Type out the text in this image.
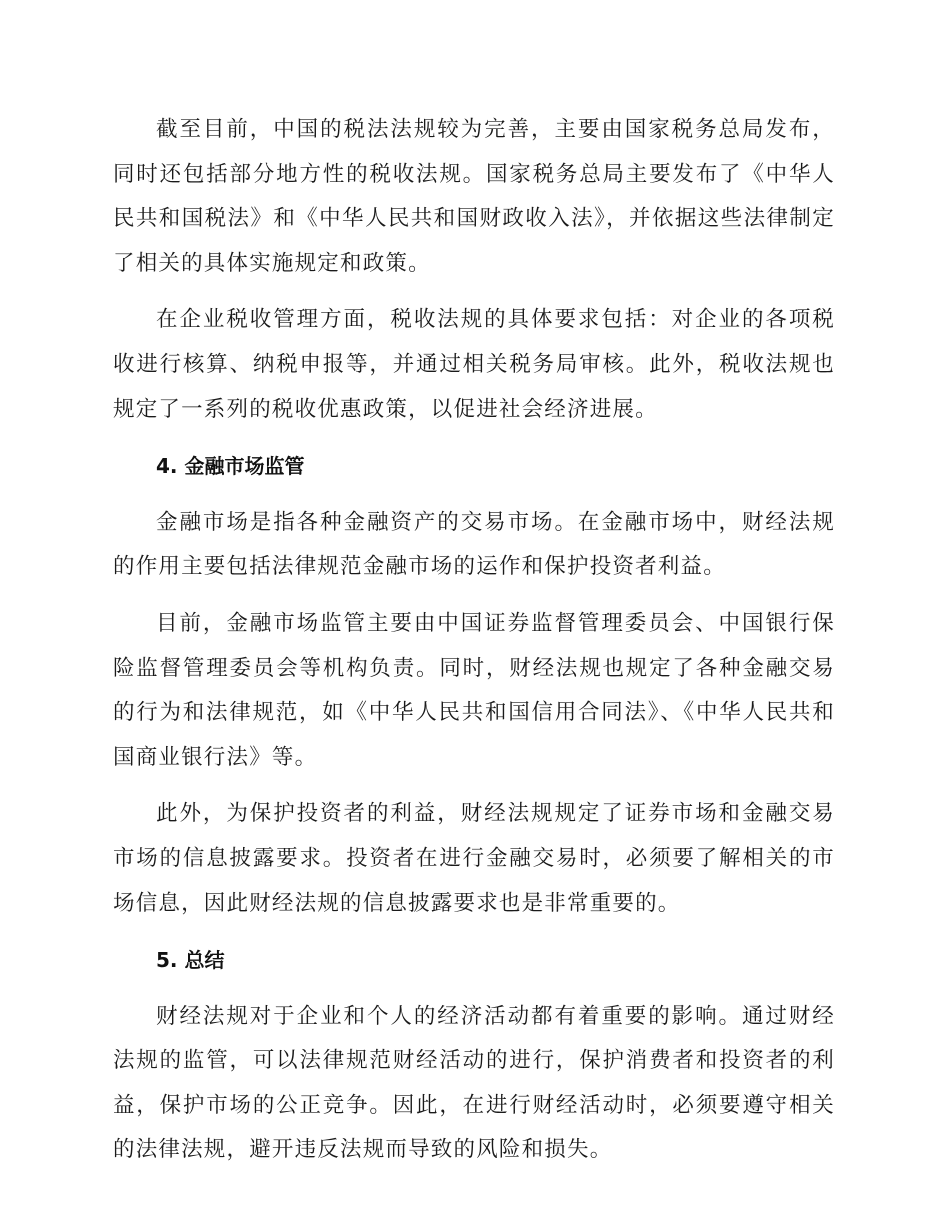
截至目前，中国的税法法规较为完善，主要由国家税务总局发布，同时还包括部分地方性的税收法规。国家税务总局主要发布了《中华人民共和国税法》和《中华人民共和国财政收入法》，并依据这些法律制定了相关的具体实施规定和政策。

在企业税收管理方面，税收法规的具体要求包括：对企业的各项税收进行核算、纳税申报等，并通过相关税务局审核。此外，税收法规也规定了一系列的税收优惠政策，以促进社会经济进展。

4. 金融市场监管

金融市场是指各种金融资产的交易市场。在金融市场中，财经法规的作用主要包括法律规范金融市场的运作和保护投资者利益。

目前，金融市场监管主要由中国证券监督管理委员会、中国银行保险监督管理委员会等机构负责。同时，财经法规也规定了各种金融交易的行为和法律规范，如《中华人民共和国信用合同法》、《中华人民共和国商业银行法》等。

此外，为保护投资者的利益，财经法规规定了证券市场和金融交易市场的信息披露要求。投资者在进行金融交易时，必须要了解相关的市场信息，因此财经法规的信息披露要求也是非常重要的。

5. 总结

财经法规对于企业和个人的经济活动都有着重要的影响。通过财经法规的监管，可以法律规范财经活动的进行，保护消费者和投资者的利益，保护市场的公正竞争。因此，在进行财经活动时，必须要遵守相关的法律法规，避开违反法规而导致的风险和损失。
